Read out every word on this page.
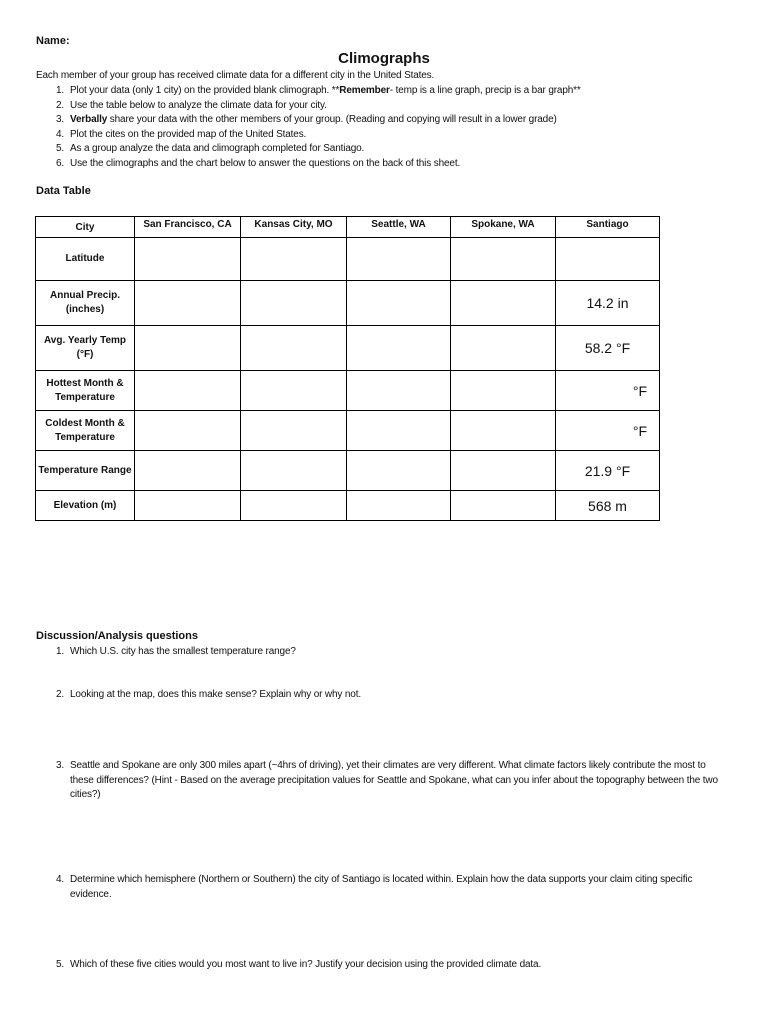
Name:
Climographs
Each member of your group has received climate data for a different city in the United States.
1. Plot your data (only 1 city) on the provided blank climograph. **Remember- temp is a line graph, precip is a bar graph**
2. Use the table below to analyze the climate data for your city.
3. Verbally share your data with the other members of your group. (Reading and copying will result in a lower grade)
4. Plot the cites on the provided map of the United States.
5. As a group analyze the data and climograph completed for Santiago.
6. Use the climographs and the chart below to answer the questions on the back of this sheet.
Data Table
City	San Francisco, CA	Kansas City, MO	Seattle, WA	Spokane, WA	Santiago
Latitude					
Annual Precip. (inches)					14.2 in
Avg. Yearly Temp (°F)					58.2 °F
Hottest Month & Temperature					°F
Coldest Month & Temperature					°F
Temperature Range					21.9 °F
Elevation (m)					568 m
Discussion/Analysis questions
1. Which U.S. city has the smallest temperature range?
2. Looking at the map, does this make sense? Explain why or why not.
3. Seattle and Spokane are only 300 miles apart (~4hrs of driving), yet their climates are very different. What climate factors likely contribute the most to these differences? (Hint - Based on the average precipitation values for Seattle and Spokane, what can you infer about the topography between the two cities?)
4. Determine which hemisphere (Northern or Southern) the city of Santiago is located within. Explain how the data supports your claim citing specific evidence.
5. Which of these five cities would you most want to live in? Justify your decision using the provided climate data.
